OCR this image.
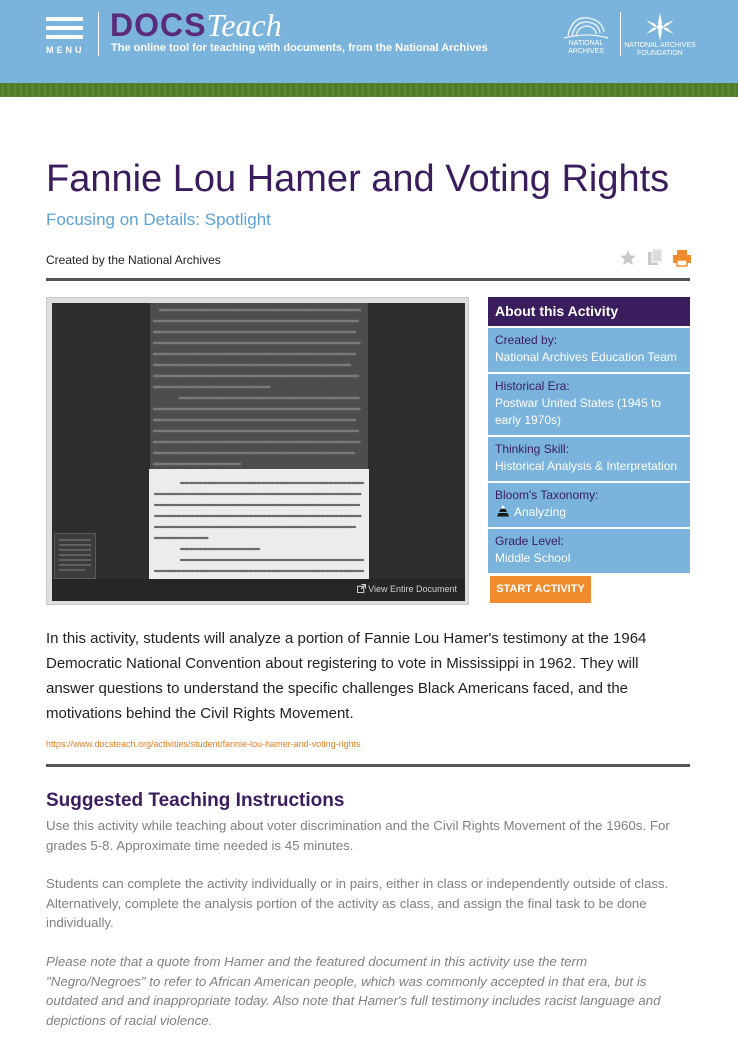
MENU
DOCSTeach
The online tool for teaching with documents, from the National Archives	NATIONAL ARCHIVES
NATIONAL ARCHIVES FOUNDATION
Fannie Lou Hamer and Voting Rights
Focusing on Details: Spotlight
Created by the National Archives
View Entire Document
About this Activity
Created by:
National Archives Education Team
Historical Era:
Postwar United States (1945 to early 1970s)
Thinking Skill:
Historical Analysis & Interpretation
Bloom's Taxonomy:
Analyzing
Grade Level:
Middle School
START ACTIVITY

In this activity, students will analyze a portion of Fannie Lou Hamer's testimony at the 1964 Democratic National Convention about registering to vote in Mississippi in 1962. They will answer questions to understand the specific challenges Black Americans faced, and the motivations behind the Civil Rights Movement.

https://www.docsteach.org/activities/student/fannie-lou-hamer-and-voting-rights
Suggested Teaching Instructions

Use this activity while teaching about voter discrimination and the Civil Rights Movement of the 1960s. For grades 5-8. Approximate time needed is 45 minutes.

Students can complete the activity individually or in pairs, either in class or independently outside of class. Alternatively, complete the analysis portion of the activity as class, and assign the final task to be done individually.

Please note that a quote from Hamer and the featured document in this activity use the term "Negro/Negroes" to refer to African American people, which was commonly accepted in that era, but is outdated and and inappropriate today. Also note that Hamer's full testimony includes racist language and depictions of racial violence.
